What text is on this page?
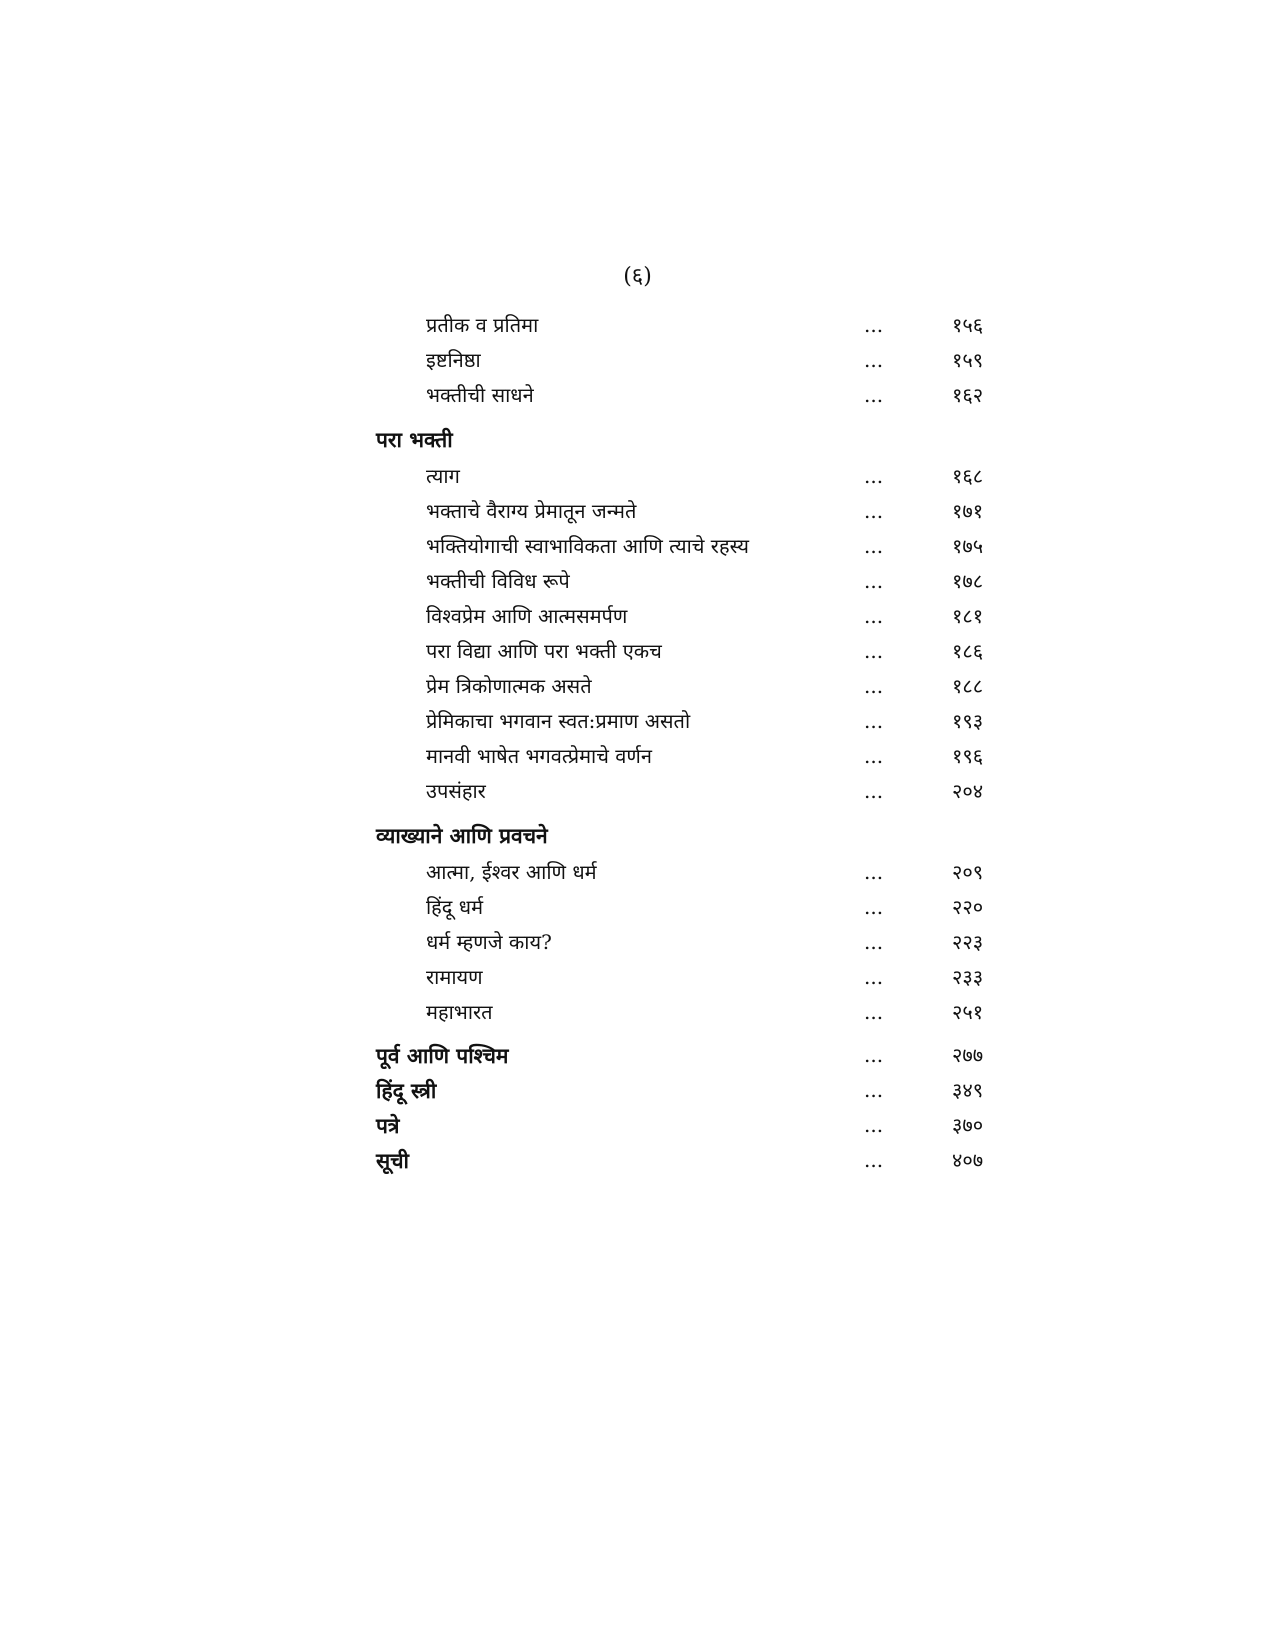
(६)
प्रतीक व प्रतिमा	...	१५६
इष्टनिष्ठा	...	१५९
भक्तीची साधने	...	१६२
परा भक्ती
त्याग	...	१६८
भक्ताचे वैराग्य प्रेमातून जन्मते	...	१७१
भक्तियोगाची स्वाभाविकता आणि त्याचे रहस्य	...	१७५
भक्तीची विविध रूपे	...	१७८
विश्वप्रेम आणि आत्मसमर्पण	...	१८१
परा विद्या आणि परा भक्ती एकच	...	१८६
प्रेम त्रिकोणात्मक असते	...	१८८
प्रेमिकाचा भगवान स्वत:प्रमाण असतो	...	१९३
मानवी भाषेत भगवत्प्रेमाचे वर्णन	...	१९६
उपसंहार	...	२०४
व्याख्याने आणि प्रवचने
आत्मा, ईश्वर आणि धर्म	...	२०९
हिंदू धर्म	...	२२०
धर्म म्हणजे काय?	...	२२३
रामायण	...	२३३
महाभारत	...	२५१
पूर्व आणि पश्चिम	...	२७७
हिंदू स्त्री	...	३४९
पत्रे	...	३७०
सूची	...	४०७
